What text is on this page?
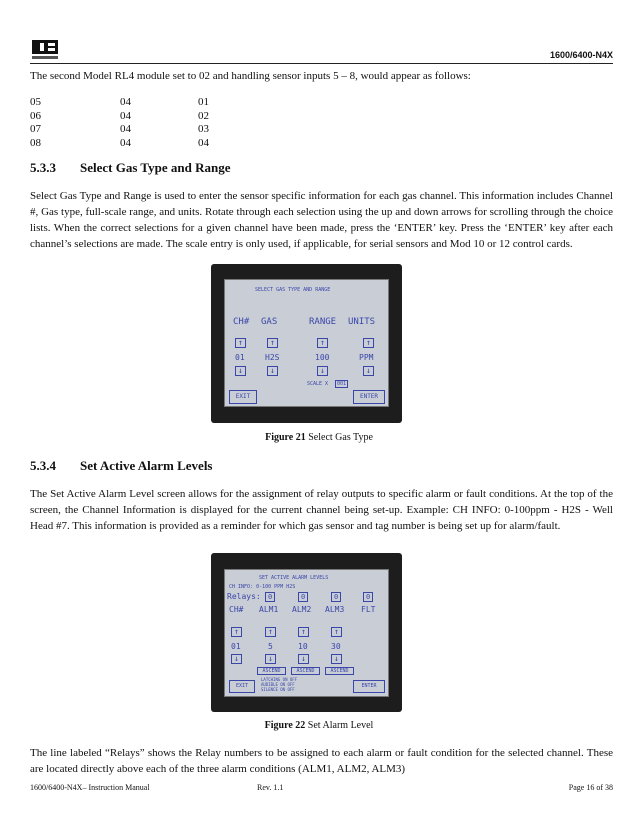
1600/6400-N4X
The second Model RL4 module set to 02 and handling sensor inputs 5 – 8, would appear as follows:
05	04	01
06	04	02
07	04	03
08	04	04
5.3.3 Select Gas Type and Range
Select Gas Type and Range is used to enter the sensor specific information for each gas channel. This information includes Channel #, Gas type, full-scale range, and units. Rotate through each selection using the up and down arrows for scrolling through the choice lists. When the correct selections for a given channel have been made, press the ‘ENTER’ key. Press the ‘ENTER’ key after each channel’s selections are made. The scale entry is only used, if applicable, for serial sensors and Mod 10 or 12 control cards.
SELECT GAS TYPE AND RANGE
CH# GAS	RANGE UNITS
↑	↑	↑	↑
01	H2S	100	PPM
↓	↓	↓	↓
SCALE X	001
EXIT	ENTER
Figure 21 Select Gas Type
5.3.4 Set Active Alarm Levels
The Set Active Alarm Level screen allows for the assignment of relay outputs to specific alarm or fault conditions. At the top of the screen, the Channel Information is displayed for the current channel being set-up. Example: CH INFO: 0-100ppm - H2S - Well Head #7. This information is provided as a reminder for which gas sensor and tag number is being set up for alarm/fault.
SET ACTIVE ALARM LEVELS
CH INFO: 0-100 PPM H2S
Relays:	0	0	0	0
CH# ALM1 ALM2 ALM3 FLT
↑	↑	↑	↑
01	5	10	30
↓	↓	↓	↓
ASCEND	ASCEND	ASCEND
EXIT
LATCHING ON OFF
AUDIBLE ON OFF
SILENCE ON OFF
ENTER
Figure 22 Set Alarm Level
The line labeled “Relays” shows the Relay numbers to be assigned to each alarm or fault condition for the selected channel. These are located directly above each of the three alarm conditions (ALM1, ALM2, ALM3)
1600/6400-N4X– Instruction Manual	Rev. 1.1	Page 16 of 38
